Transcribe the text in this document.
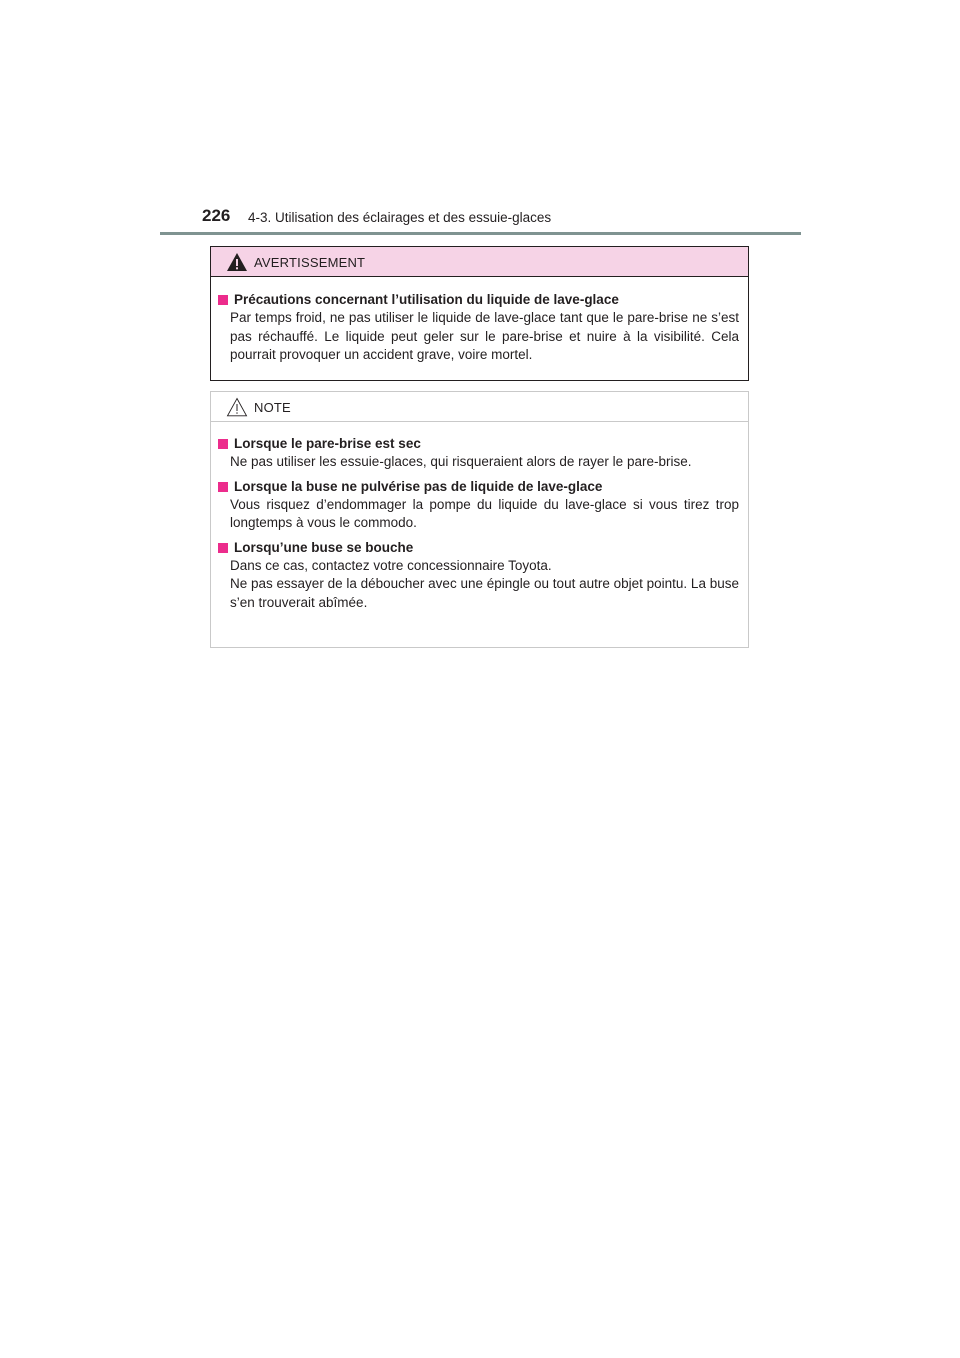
226 4-3. Utilisation des éclairages et des essuie-glaces
AVERTISSEMENT
Précautions concernant l’utilisation du liquide de lave-glace
Par temps froid, ne pas utiliser le liquide de lave-glace tant que le pare-brise ne s’est pas réchauffé. Le liquide peut geler sur le pare-brise et nuire à la visibilité. Cela pourrait provoquer un accident grave, voire mortel.
NOTE
Lorsque le pare-brise est sec
Ne pas utiliser les essuie-glaces, qui risqueraient alors de rayer le pare-brise.
Lorsque la buse ne pulvérise pas de liquide de lave-glace
Vous risquez d’endommager la pompe du liquide du lave-glace si vous tirez trop longtemps à vous le commodo.
Lorsqu’une buse se bouche
Dans ce cas, contactez votre concessionnaire Toyota.
Ne pas essayer de la déboucher avec une épingle ou tout autre objet pointu. La buse s’en trouverait abîmée.
